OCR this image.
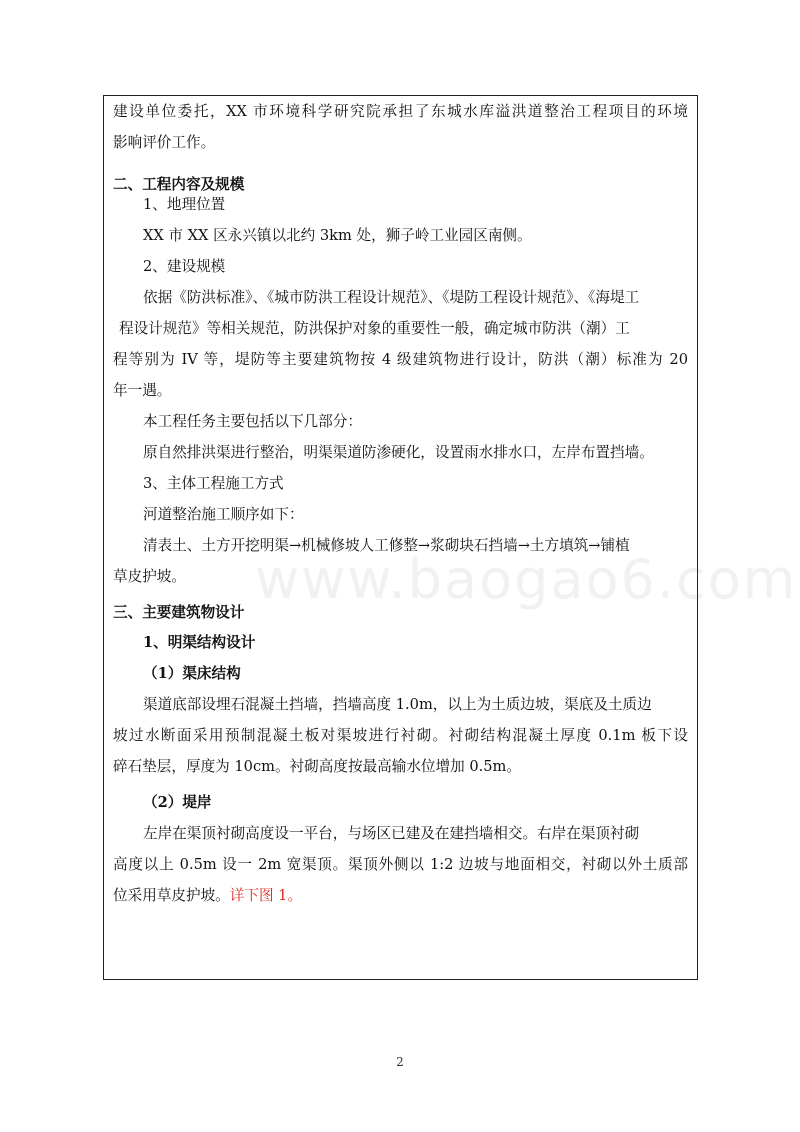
建设单位委托，XX 市环境科学研究院承担了东城水库溢洪道整治工程项目的环境
影响评价工作。
二、工程内容及规模
1、地理位置
XX 市 XX 区永兴镇以北约 3km 处，狮子岭工业园区南侧。
2、建设规模
依据《防洪标准》、《城市防洪工程设计规范》、《堤防工程设计规范》、《海堤工
程设计规范》等相关规范，防洪保护对象的重要性一般，确定城市防洪（潮）工
程等别为 IV 等，堤防等主要建筑物按 4 级建筑物进行设计，防洪（潮）标准为 20
年一遇。
本工程任务主要包括以下几部分：
原自然排洪渠进行整治，明渠渠道防渗硬化，设置雨水排水口，左岸布置挡墙。
3、主体工程施工方式
河道整治施工顺序如下：
清表土、土方开挖明渠→机械修坡人工修整→浆砌块石挡墙→土方填筑→铺植
草皮护坡。
三、主要建筑物设计
1、明渠结构设计
（1）渠床结构
渠道底部设埋石混凝土挡墙，挡墙高度 1.0m，以上为土质边坡，渠底及土质边
坡过水断面采用预制混凝土板对渠坡进行衬砌。衬砌结构混凝土厚度 0.1m 板下设
碎石垫层，厚度为 10cm。衬砌高度按最高输水位增加 0.5m。
（2）堤岸
左岸在渠顶衬砌高度设一平台，与场区已建及在建挡墙相交。右岸在渠顶衬砌
高度以上 0.5m 设一 2m 宽渠顶。渠顶外侧以 1:2 边坡与地面相交，衬砌以外土质部
位采用草皮护坡。详下图 1。
www.baogao6.com
2
